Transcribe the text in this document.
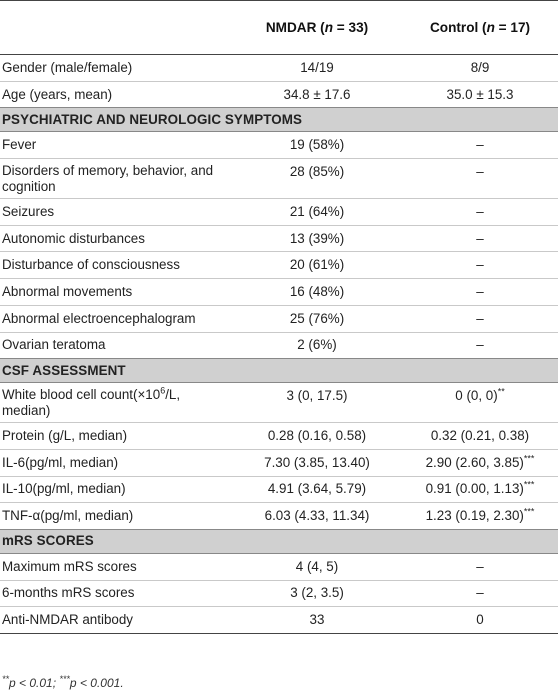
	NMDAR (n = 33)	Control (n = 17)
Gender (male/female)	14/19	8/9
Age (years, mean)	34.8 ± 17.6	35.0 ± 15.3
PSYCHIATRIC AND NEUROLOGIC SYMPTOMS		
Fever	19 (58%)	–
Disorders of memory, behavior, and cognition	28 (85%)	–
Seizures	21 (64%)	–
Autonomic disturbances	13 (39%)	–
Disturbance of consciousness	20 (61%)	–
Abnormal movements	16 (48%)	–
Abnormal electroencephalogram	25 (76%)	–
Ovarian teratoma	2 (6%)	–
CSF ASSESSMENT		
White blood cell $count(\times 10^6/L$, median)	3 (0, 17.5)	0 (0, 0)**
Protein (g/L, median)	0.28 (0.16, 0.58)	0.32 (0.21, 0.38)
IL-6(pg/ml, median)	7.30 (3.85, 13.40)	2.90 (2.60, 3.85)***
IL-10(pg/ml, median)	4.91 (3.64, 5.79)	0.91 (0.00, 1.13)***
TNF-α(pg/ml, median)	6.03 (4.33, 11.34)	1.23 (0.19, 2.30)***
mRS SCORES		
Maximum mRS scores	4 (4, 5)	–
6-months mRS scores	3 (2, 3.5)	–
Anti-NMDAR antibody	33	0
**p < 0.01; ***p < 0.001.
